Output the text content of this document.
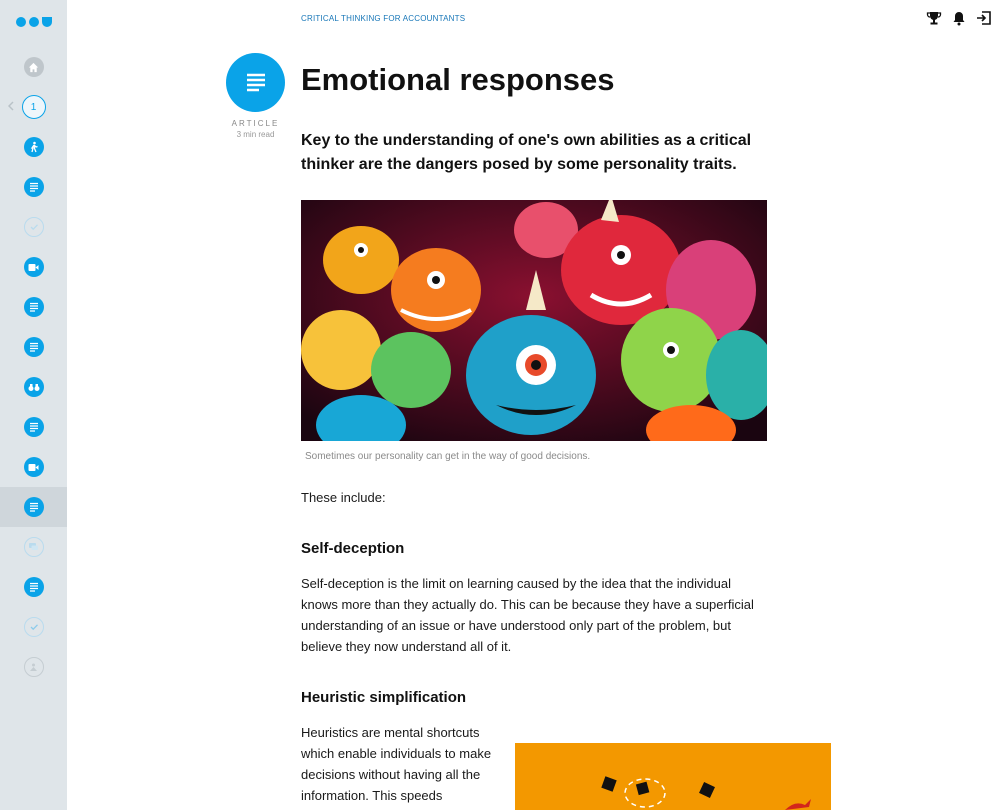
1
CRITICAL THINKING FOR ACCOUNTANTS
ARTICLE
3 min read
Emotional responses

Key to the understanding of one's own abilities as a critical thinker are the dangers posed by some personality traits.

Sometimes our personality can get in the way of good decisions.

These include:

Self-deception

Self-deception is the limit on learning caused by the idea that the individual knows more than they actually do. This can be because they have a superficial understanding of an issue or have understood only part of the problem, but believe they now understand all of it.

Heuristic simplification

Heuristics are mental shortcuts which enable individuals to make decisions without having all the information. This speeds
